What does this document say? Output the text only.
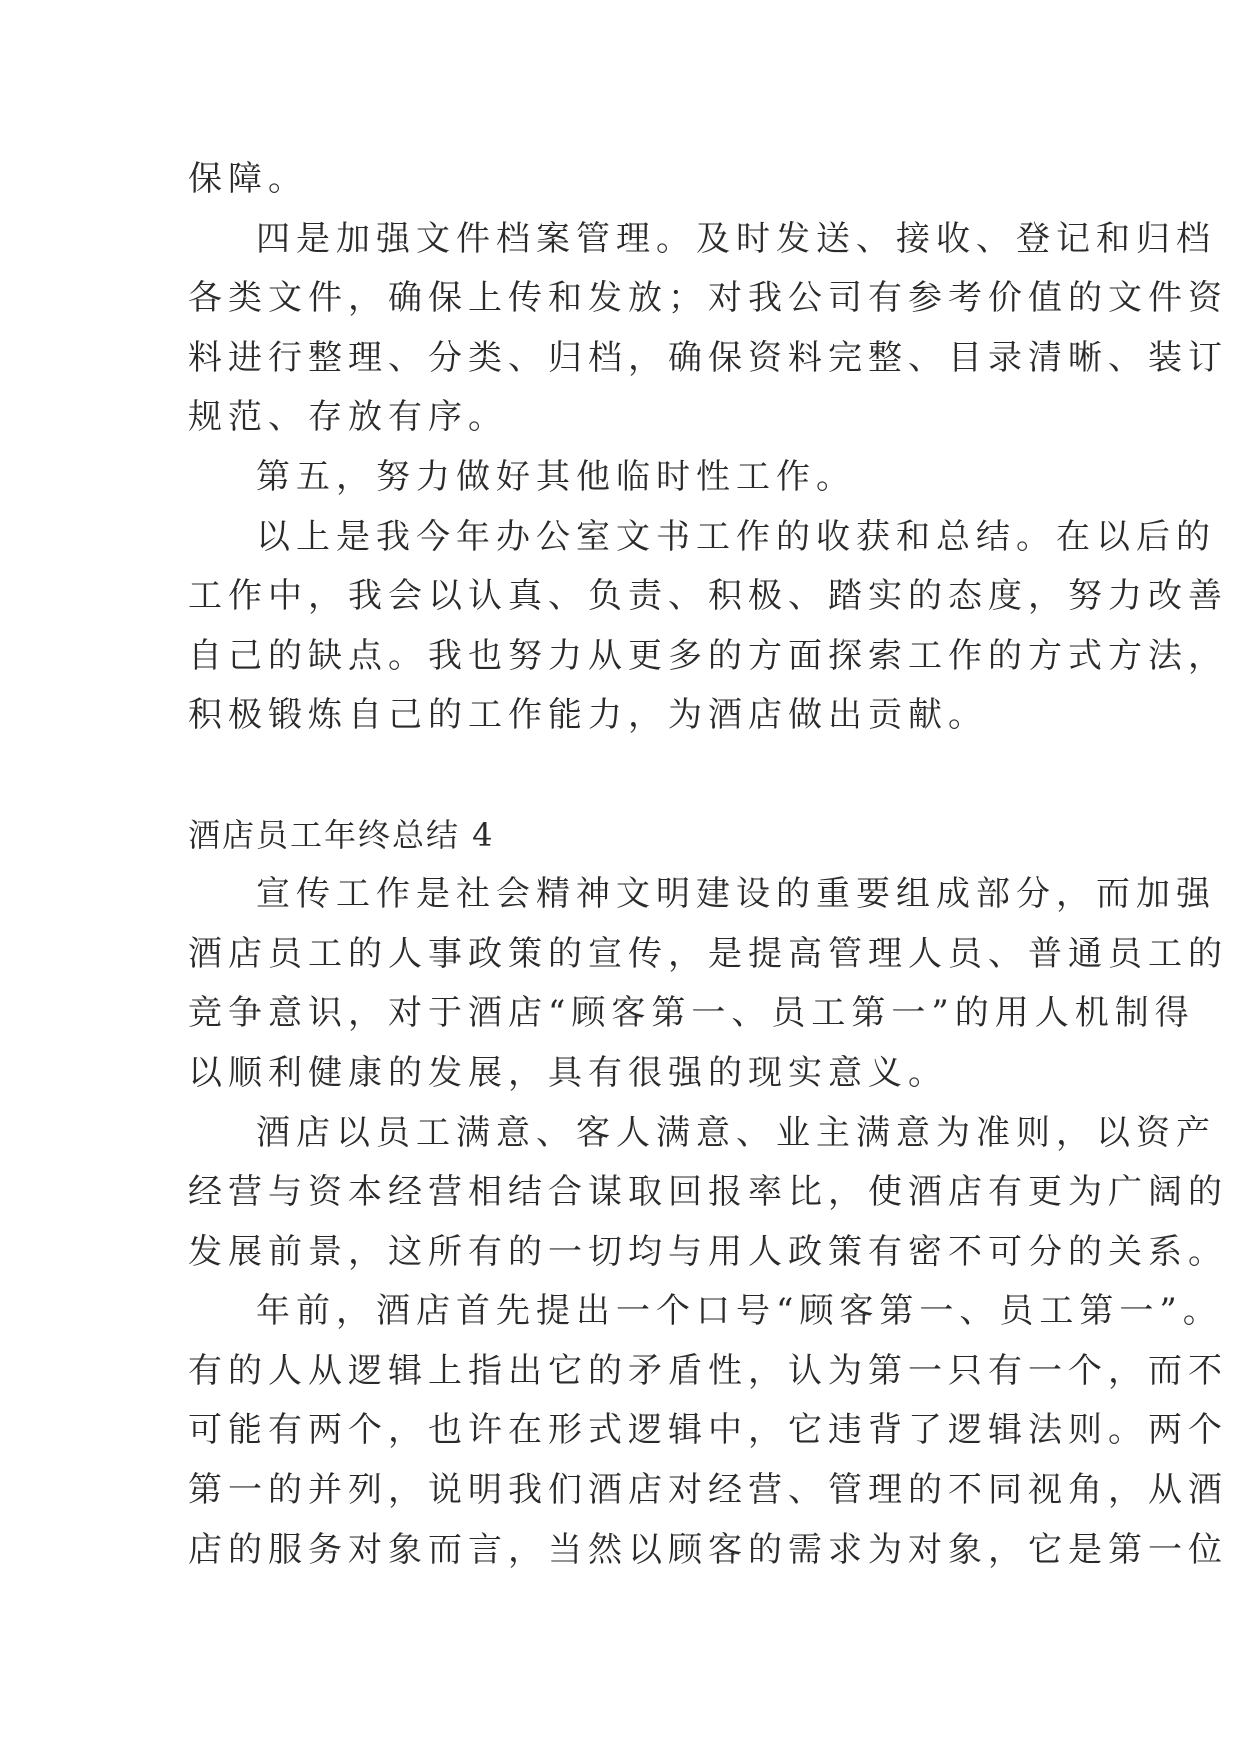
保障。
四是加强文件档案管理。及时发送、接收、登记和归档
各类文件，确保上传和发放；对我公司有参考价值的文件资
料进行整理、分类、归档，确保资料完整、目录清晰、装订
规范、存放有序。
第五，努力做好其他临时性工作。
以上是我今年办公室文书工作的收获和总结。在以后的
工作中，我会以认真、负责、积极、踏实的态度，努力改善
自己的缺点。我也努力从更多的方面探索工作的方式方法，
积极锻炼自己的工作能力，为酒店做出贡献。
酒店员工年终总结 4
宣传工作是社会精神文明建设的重要组成部分，而加强
酒店员工的人事政策的宣传，是提高管理人员、普通员工的
竞争意识，对于酒店“顾客第一、员工第一”的用人机制得
以顺利健康的发展，具有很强的现实意义。
酒店以员工满意、客人满意、业主满意为准则，以资产
经营与资本经营相结合谋取回报率比，使酒店有更为广阔的
发展前景，这所有的一切均与用人政策有密不可分的关系。
年前，酒店首先提出一个口号“顾客第一、员工第一”。
有的人从逻辑上指出它的矛盾性，认为第一只有一个，而不
可能有两个，也许在形式逻辑中，它违背了逻辑法则。两个
第一的并列，说明我们酒店对经营、管理的不同视角，从酒
店的服务对象而言，当然以顾客的需求为对象，它是第一位
